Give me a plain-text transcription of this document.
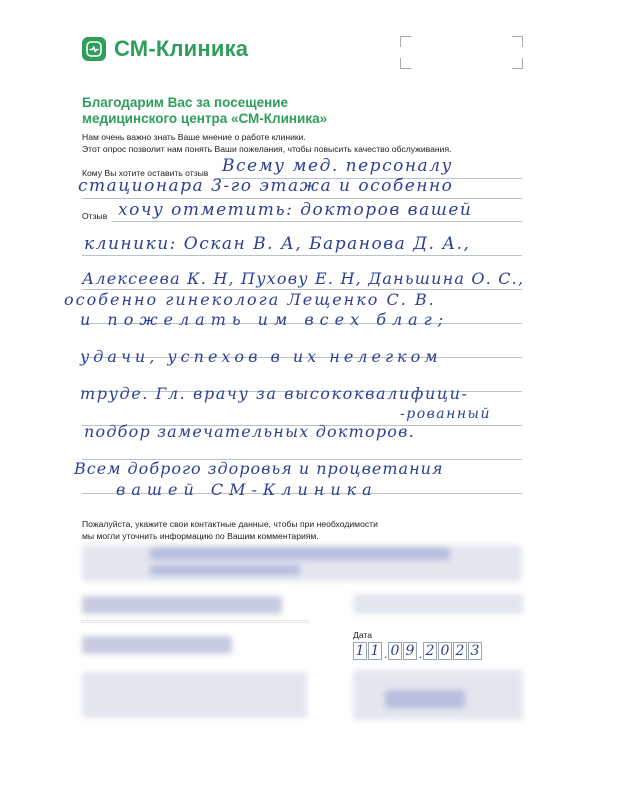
СМ-Клиника
Благодарим Вас за посещение
медицинского центра «СМ-Клиника»
Нам очень важно знать Ваше мнение о работе клиники.
Этот опрос позволит нам понять Ваши пожелания, чтобы повысить качество обслуживания.
Кому Вы хотите оставить отзыв
Отзыв
Всему мед. персоналу
стационара 3-го этажа и особенно
хочу отметить: докторов вашей
клиники: Оскан В. А, Баранова Д. А.,
Алексеева К. Н, Пухову Е. Н, Даньшина О. С.,
особенно гинеколога Лещенко С. В.
и пожелать им всех благ;
удачи, успехов в их нелегком
труде. Гл. врачу за высококвалифици-
-рованный
подбор замечательных докторов.
Всем доброго здоровья и процветания
вашей СМ-Клиника
Пожалуйста, укажите свои контактные данные, чтобы при необходимости
мы могли уточнить информацию по Вашим комментариям.
Дата
1 1 . 0 9 . 2 0 2 3
